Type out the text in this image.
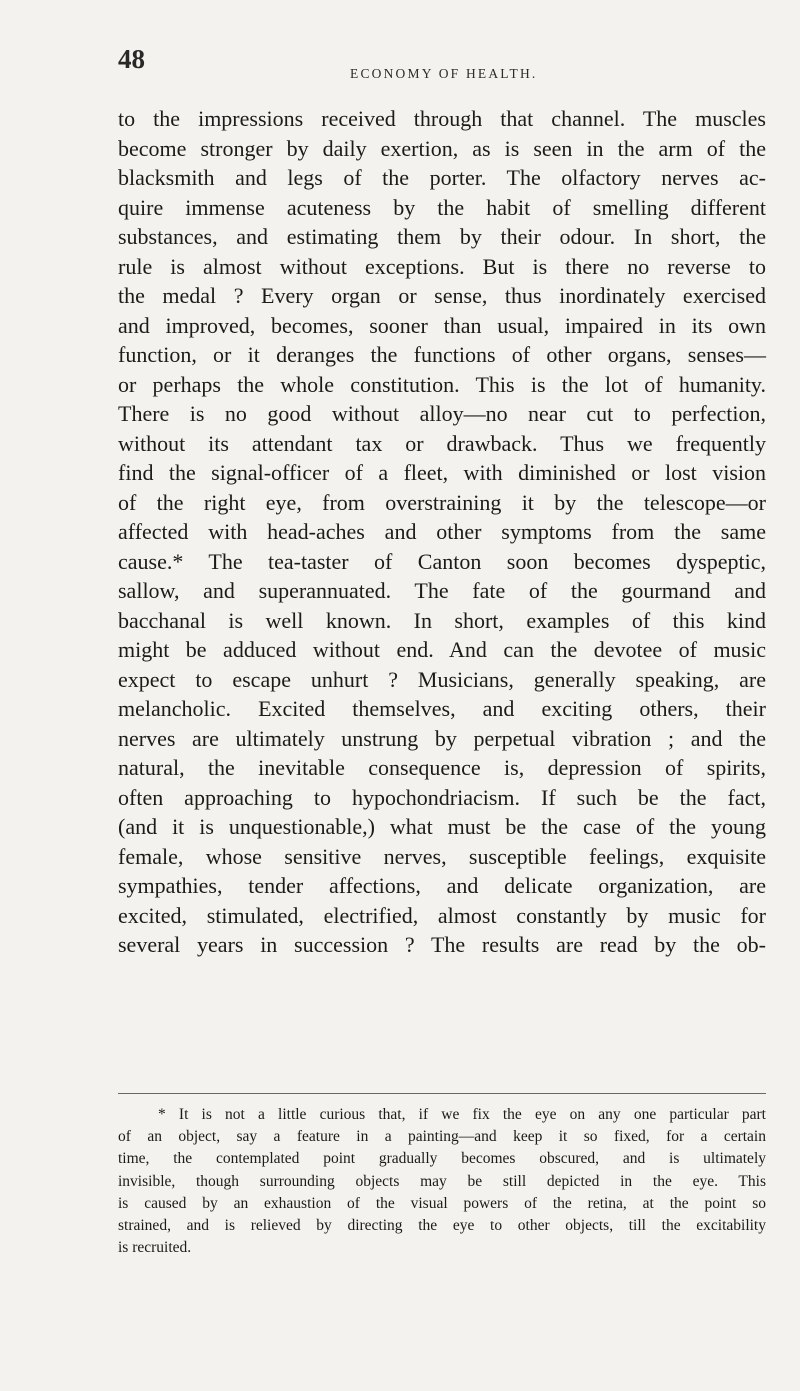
48	ECONOMY OF HEALTH.
to the impressions received through that channel. The muscles
become stronger by daily exertion, as is seen in the arm of the
blacksmith and legs of the porter. The olfactory nerves ac-
quire immense acuteness by the habit of smelling different
substances, and estimating them by their odour. In short, the
rule is almost without exceptions. But is there no reverse to
the medal ? Every organ or sense, thus inordinately exercised
and improved, becomes, sooner than usual, impaired in its own
function, or it deranges the functions of other organs, senses—
or perhaps the whole constitution. This is the lot of humanity.
There is no good without alloy—no near cut to perfection,
without its attendant tax or drawback. Thus we frequently
find the signal-officer of a fleet, with diminished or lost vision
of the right eye, from overstraining it by the telescope—or
affected with head-aches and other symptoms from the same
cause.* The tea-taster of Canton soon becomes dyspeptic,
sallow, and superannuated. The fate of the gourmand and
bacchanal is well known. In short, examples of this kind
might be adduced without end. And can the devotee of music
expect to escape unhurt ? Musicians, generally speaking, are
melancholic. Excited themselves, and exciting others, their
nerves are ultimately unstrung by perpetual vibration ; and the
natural, the inevitable consequence is, depression of spirits,
often approaching to hypochondriacism. If such be the fact,
(and it is unquestionable,) what must be the case of the young
female, whose sensitive nerves, susceptible feelings, exquisite
sympathies, tender affections, and delicate organization, are
excited, stimulated, electrified, almost constantly by music for
several years in succession ? The results are read by the ob-
* It is not a little curious that, if we fix the eye on any one particular part
of an object, say a feature in a painting—and keep it so fixed, for a certain
time, the contemplated point gradually becomes obscured, and is ultimately
invisible, though surrounding objects may be still depicted in the eye. This
is caused by an exhaustion of the visual powers of the retina, at the point so
strained, and is relieved by directing the eye to other objects, till the excitability
is recruited.
